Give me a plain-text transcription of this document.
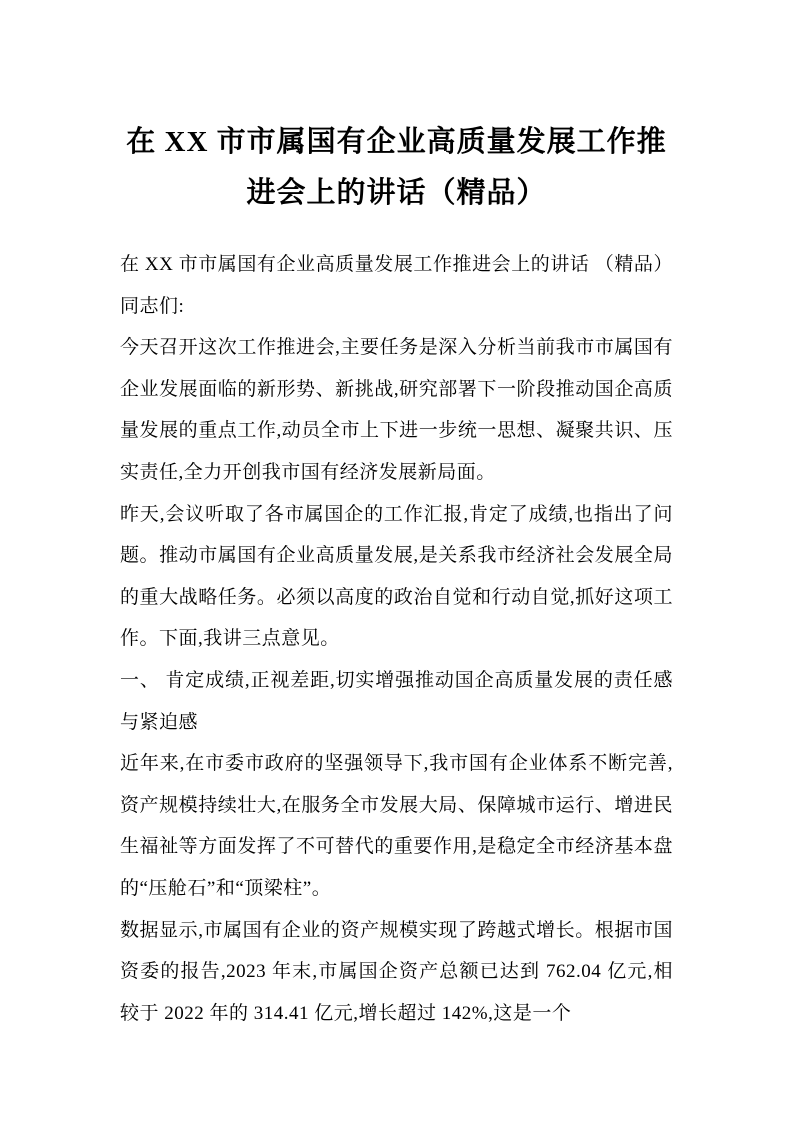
在 XX 市市属国有企业高质量发展工作推进会上的讲话（精品）

在 XX 市市属国有企业高质量发展工作推进会上的讲话 （精品） 同志们:

今天召开这次工作推进会,主要任务是深入分析当前我市市属国有企业发展面临的新形势、新挑战,研究部署下一阶段推动国企高质量发展的重点工作,动员全市上下进一步统一思想、凝聚共识、压实责任,全力开创我市国有经济发展新局面。

昨天,会议听取了各市属国企的工作汇报,肯定了成绩,也指出了问题。推动市属国有企业高质量发展,是关系我市经济社会发展全局的重大战略任务。必须以高度的政治自觉和行动自觉,抓好这项工作。下面,我讲三点意见。

一、 肯定成绩,正视差距,切实增强推动国企高质量发展的责任感与紧迫感

近年来,在市委市政府的坚强领导下,我市国有企业体系不断完善,资产规模持续壮大,在服务全市发展大局、保障城市运行、增进民生福祉等方面发挥了不可替代的重要作用,是稳定全市经济基本盘的“压舱石”和“顶梁柱”。

数据显示,市属国有企业的资产规模实现了跨越式增长。根据市国资委的报告,2023 年末,市属国企资产总额已达到 762.04 亿元,相较于 2022 年的 314.41 亿元,增长超过 142%,这是一个
